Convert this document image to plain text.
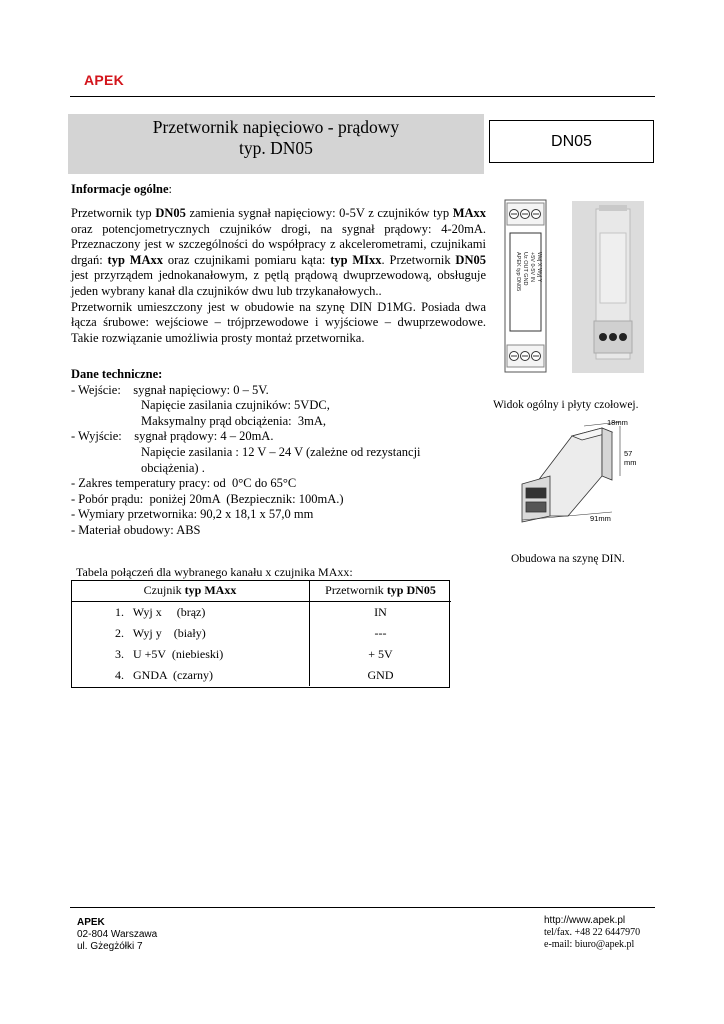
APEK
Przetwornik napięciowo - prądowy
typ. DN05	DN05
Informacje ogólne:

Przetwornik typ DN05 zamienia sygnał napięciowy: 0-5V z czujników typ MAxx oraz potencjometrycznych czujników drogi, na sygnał prądowy: 4-20mA. Przeznaczony jest w szczególności do współpracy z akcelerometrami, czujnikami drgań: typ MAxx oraz czujnikami pomiaru kąta: typ MIxx. Przetwornik DN05 jest przyrządem jednokanałowym, z pętlą prądową dwuprzewodową, obsługuje jeden wybrany kanał dla czujników dwu lub trzykanałowych..

Przetwornik umieszczony jest w obudowie na szynę DIN D1MG. Posiada dwa łącza śrubowe: wejściowe – trójprzewodowe i wyjściowe – dwuprzewodowe. Takie rozwiązanie umożliwia prosty montaż przetwornika.

Dane techniczne:
- Wejście:    sygnał napięciowy: 0 – 5V.
Napięcie zasilania czujników: 5VDC,
Maksymalny prąd obciążenia:  3mA,
- Wyjście:    sygnał prądowy: 4 – 20mA.
Napięcie zasilania : 12 V – 24 V (zależne od rezystancji
obciążenia) .
- Zakres temperatury pracy: od  0°C do 65°C
- Pobór prądu:  poniżej 20mA  (Bezpiecznik: 100mA.)
- Wymiary przetwornika: 90,2 x 18,1 x 57,0 mm
- Materiał obudowy: ABS
APEK typ DN05 Uz OUT GND +5V 0-5V IN Wej X Wyj Y
Widok ogólny i płyty czołowej.
18mm
57
mm
91mm
Obudowa na szynę DIN.
Tabela połączeń dla wybranego kanału x czujnika MAxx:
Czujnik typ MAxx	Przetwornik typ DN05
1.   Wyj x     (brąz)	IN
2.   Wyj y    (biały)	---
3.   U +5V  (niebieski)	+ 5V
4.   GNDA  (czarny)	GND
APEK
02-804 Warszawa
ul. Gżegżółki 7
http://www.apek.pl
tel/fax. +48 22 6447970
e-mail: biuro@apek.pl
